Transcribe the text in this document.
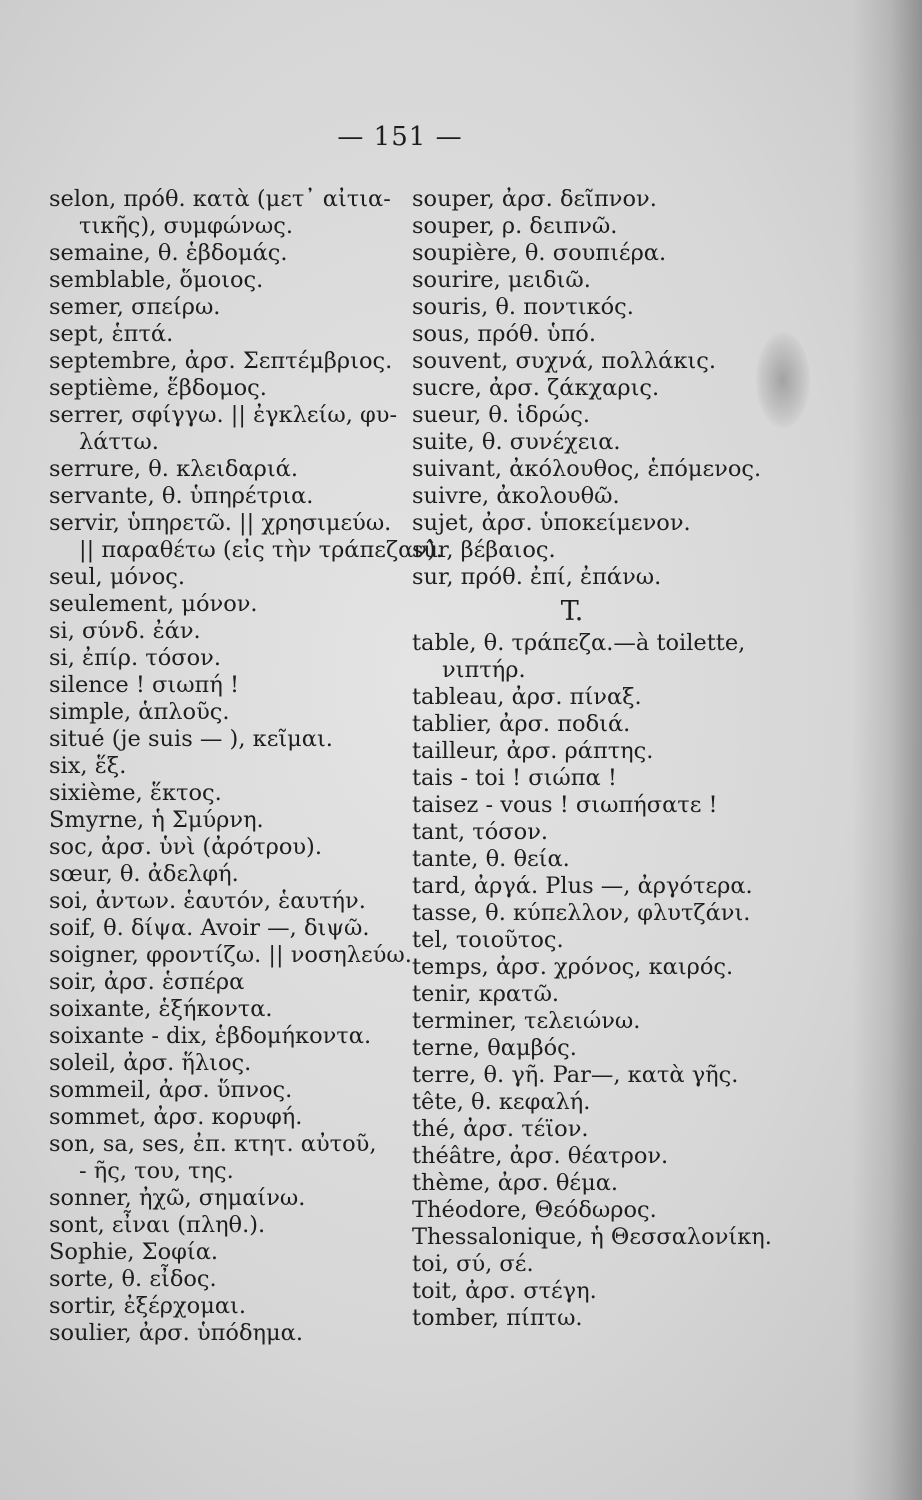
— 151 —
selon, πρόθ. κατὰ (μετ᾽ αἰτια-
τικῆς), συμφώνως.
semaine, θ. ἑβδομάς.
semblable, ὅμοιος.
semer, σπείρω.
sept, ἑπτά.
septembre, ἀρσ. Σεπτέμβριος.
septième, ἕβδομος.
serrer, σφίγγω. || ἐγκλείω, φυ-
λάττω.
serrure, θ. κλειδαριά.
servante, θ. ὑπηρέτρια.
servir, ὑπηρετῶ. || χρησιμεύω.
|| παραθέτω (εἰς τὴν τράπεζαν).
seul, μόνος.
seulement, μόνον.
si, σύνδ. ἐάν.
si, ἐπίρ. τόσον.
silence ! σιωπή !
simple, ἁπλοῦς.
situé (je suis — ), κεῖμαι.
six, ἕξ.
sixième, ἕκτος.
Smyrne, ἡ Σμύρνη.
soc, ἀρσ. ὑνὶ (ἀρότρου).
sœur, θ. ἀδελφή.
soi, ἀντων. ἑαυτόν, ἑαυτήν.
soif, θ. δίψα. Avoir —, διψῶ.
soigner, φροντίζω. || νοσηλεύω.
soir, ἀρσ. ἑσπέρα
soixante, ἑξήκοντα.
soixante - dix, ἑβδομήκοντα.
soleil, ἀρσ. ἥλιος.
sommeil, ἀρσ. ὕπνος.
sommet, ἀρσ. κορυφή.
son, sa, ses, ἐπ. κτητ. αὐτοῦ,
- ῆς, του, της.
sonner, ἠχῶ, σημαίνω.
sont, εἶναι (πληθ.).
Sophie, Σοφία.
sorte, θ. εἶδος.
sortir, ἐξέρχομαι.
soulier, ἀρσ. ὑπόδημα.
souper, ἀρσ. δεῖπνον.
souper, ρ. δειπνῶ.
soupière, θ. σουπιέρα.
sourire, μειδιῶ.
souris, θ. ποντικός.
sous, πρόθ. ὑπό.
souvent, συχνά, πολλάκις.
sucre, ἀρσ. ζάκχαρις.
sueur, θ. ἱδρώς.
suite, θ. συνέχεια.
suivant, ἀκόλουθος, ἑπόμενος.
suivre, ἀκολουθῶ.
sujet, ἀρσ. ὑποκείμενον.
sûr, βέβαιος.
sur, πρόθ. ἐπί, ἐπάνω.
T.
table, θ. τράπεζα.—à toilette,
νιπτήρ.
tableau, ἀρσ. πίναξ.
tablier, ἀρσ. ποδιά.
tailleur, ἀρσ. ράπτης.
tais - toi ! σιώπα !
taisez - vous ! σιωπήσατε !
tant, τόσον.
tante, θ. θεία.
tard, ἀργά. Plus —, ἀργότερα.
tasse, θ. κύπελλον, φλυτζάνι.
tel, τοιοῦτος.
temps, ἀρσ. χρόνος, καιρός.
tenir, κρατῶ.
terminer, τελειώνω.
terne, θαμβός.
terre, θ. γῆ. Par—, κατὰ γῆς.
tête, θ. κεφαλή.
thé, ἀρσ. τέϊον.
théâtre, ἀρσ. θέατρον.
thème, ἀρσ. θέμα.
Théodore, Θεόδωρος.
Thessalonique, ἡ Θεσσαλονίκη.
toi, σύ, σέ.
toit, ἀρσ. στέγη.
tomber, πίπτω.
